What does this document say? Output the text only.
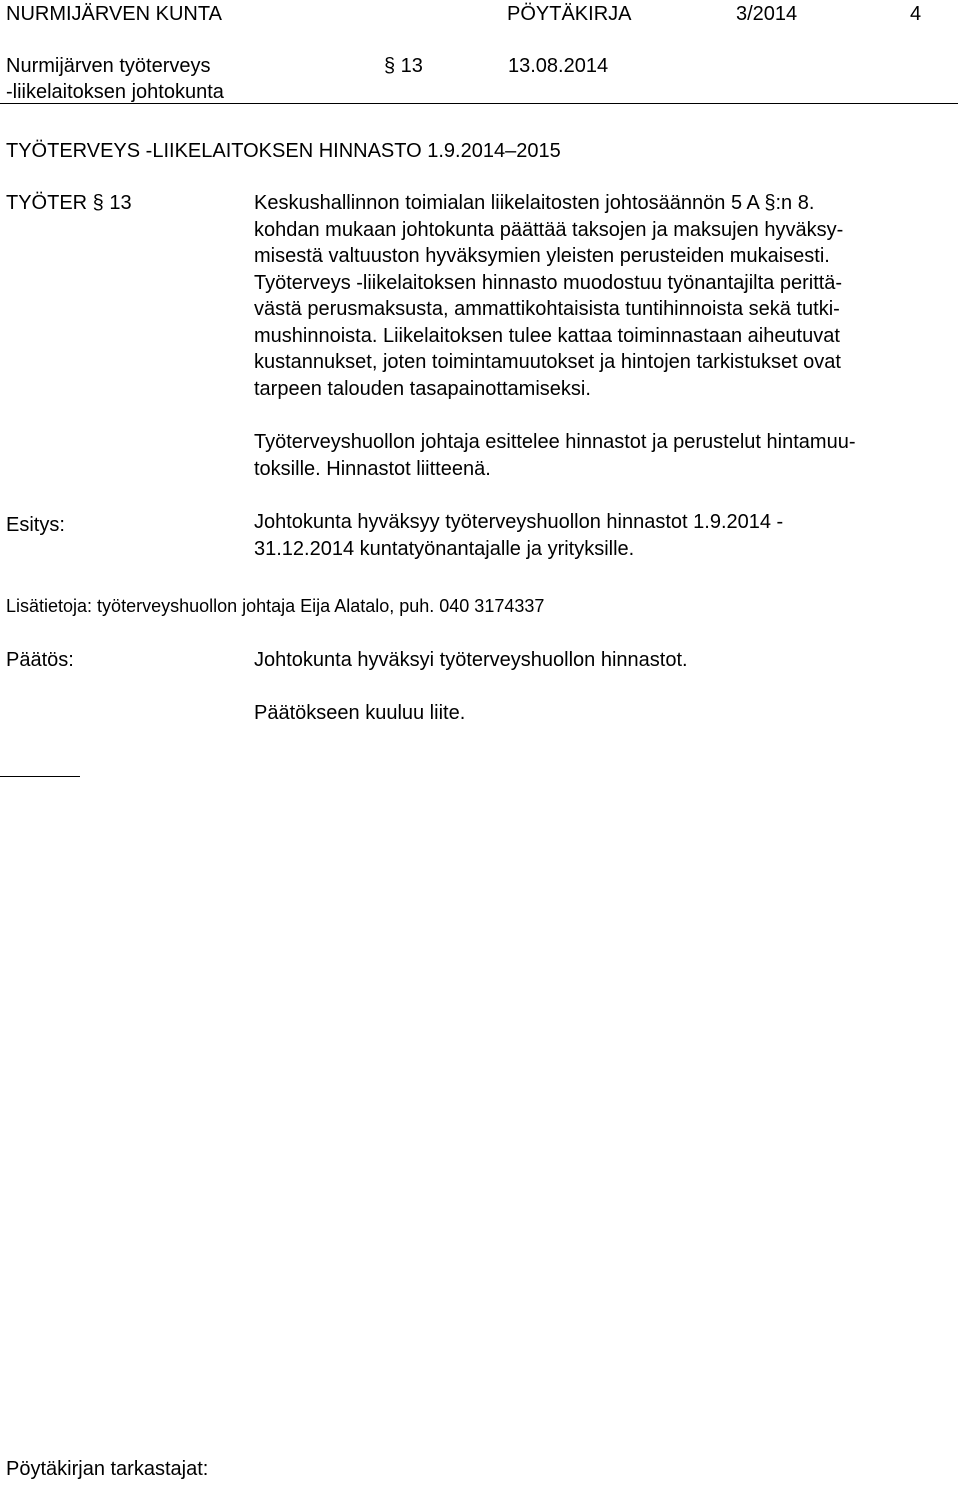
NURMIJÄRVEN KUNTA	PÖYTÄKIRJA	3/2014	4
Nurmijärven työterveys
-liikelaitoksen johtokunta
§ 13	13.08.2014
TYÖTERVEYS -LIIKELAITOKSEN HINNASTO 1.9.2014–2015
TYÖTER § 13	Keskushallinnon toimialan liikelaitosten johtosäännön 5 A §:n 8.
kohdan mukaan johtokunta päättää taksojen ja maksujen hyväksy-
misestä valtuuston hyväksymien yleisten perusteiden mukaisesti.
Työterveys -liikelaitoksen hinnasto muodostuu työnantajilta perittä-
västä perusmaksusta, ammattikohtaisista tuntihinnoista sekä tutki-
mushinnoista. Liikelaitoksen tulee kattaa toiminnastaan aiheutuvat
kustannukset, joten toimintamuutokset ja hintojen tarkistukset ovat
tarpeen talouden tasapainottamiseksi.
Työterveyshuollon johtaja esittelee hinnastot ja perustelut hintamuu-
toksille. Hinnastot liitteenä.
Esitys:	Johtokunta hyväksyy työterveyshuollon hinnastot 1.9.2014 -
31.12.2014 kuntatyönantajalle ja yrityksille.
Lisätietoja: työterveyshuollon johtaja Eija Alatalo, puh. 040 3174337
Päätös:	Johtokunta hyväksyi työterveyshuollon hinnastot.
Päätökseen kuuluu liite.
Pöytäkirjan tarkastajat:
